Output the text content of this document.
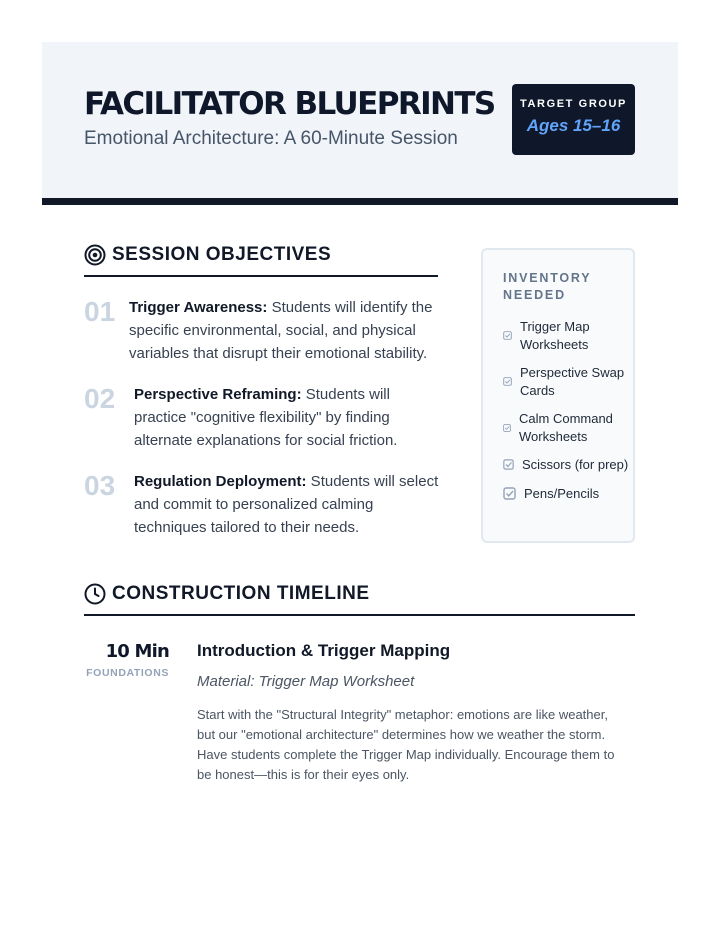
FACILITATOR BLUEPRINTS
Emotional Architecture: A 60-Minute Session
TARGET GROUP
Ages 15–16
SESSION OBJECTIVES
01 Trigger Awareness: Students will identify the specific environmental, social, and physical variables that disrupt their emotional stability.
02	Perspective Reframing: Students will practice "cognitive flexibility" by finding alternate explanations for social friction.
03	Regulation Deployment: Students will select and commit to personalized calming techniques tailored to their needs.
INVENTORY NEEDED
Trigger Map Worksheets
Perspective Swap Cards
Calm Command Worksheets
Scissors (for prep)
Pens/Pencils
CONSTRUCTION TIMELINE
10 Min
FOUNDATIONS
Introduction & Trigger Mapping
Material: Trigger Map Worksheet
Start with the "Structural Integrity" metaphor: emotions are like weather, but our "emotional architecture" determines how we weather the storm. Have students complete the Trigger Map individually. Encourage them to be honest—this is for their eyes only.
